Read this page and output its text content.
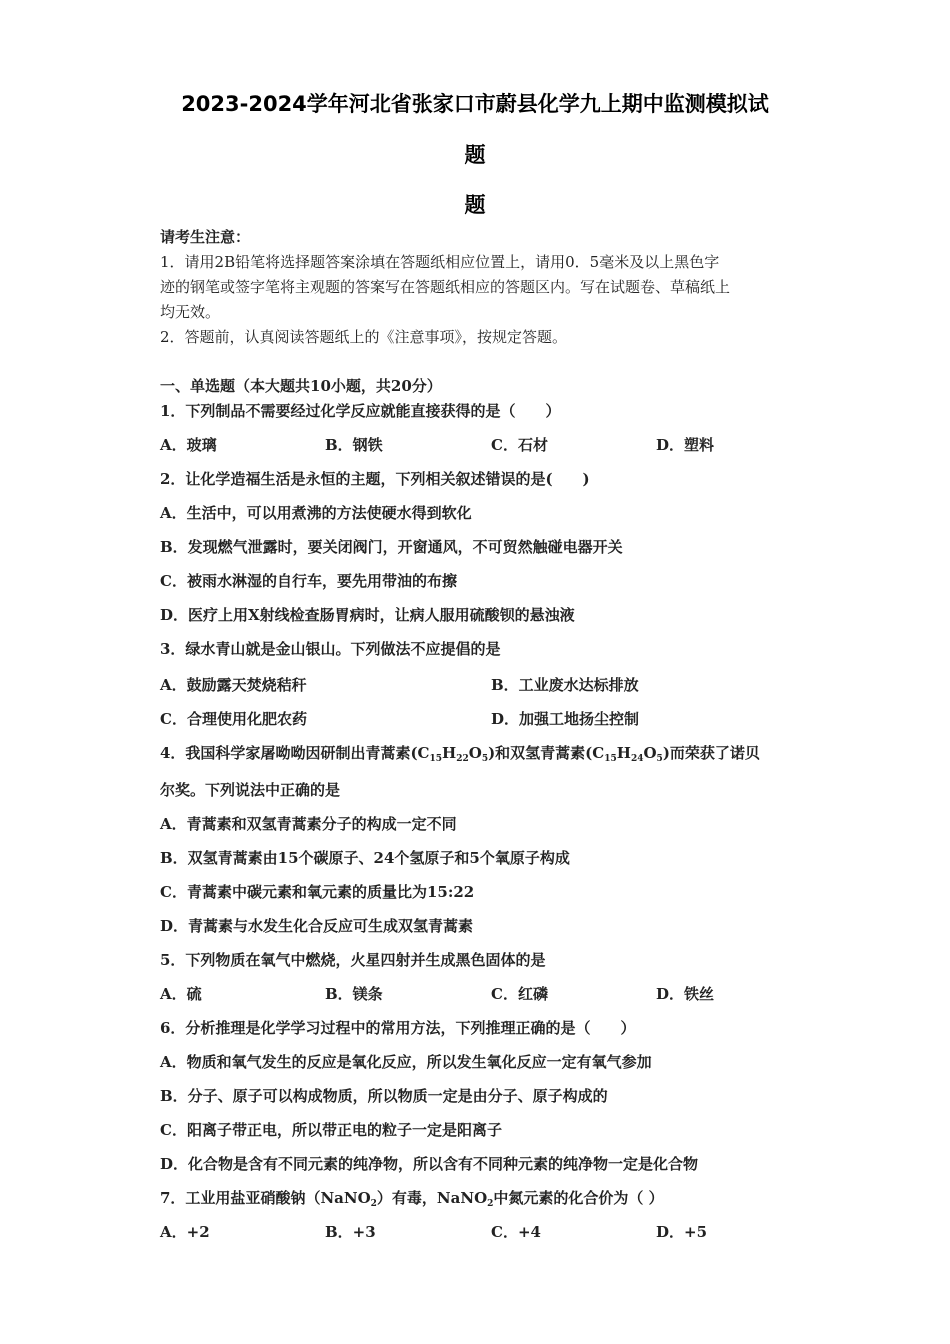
2023-2024学年河北省张家口市蔚县化学九上期中监测模拟试
题
题
请考生注意：
1．请用2B铅笔将选择题答案涂填在答题纸相应位置上，请用0．5毫米及以上黑色字
迹的钢笔或签字笔将主观题的答案写在答题纸相应的答题区内。写在试题卷、草稿纸上
均无效。
2．答题前，认真阅读答题纸上的《注意事项》，按规定答题。
一、单选题（本大题共10小题，共20分）
1．下列制品不需要经过化学反应就能直接获得的是（　　）
A．玻璃	B．钢铁	C．石材	D．塑料
2．让化学造福生活是永恒的主题，下列相关叙述错误的是(　　)
A．生活中，可以用煮沸的方法使硬水得到软化
B．发现燃气泄露时，要关闭阀门，开窗通风，不可贸然触碰电器开关
C．被雨水淋湿的自行车，要先用带油的布擦
D．医疗上用X射线检查肠胃病时，让病人服用硫酸钡的悬浊液
3．绿水青山就是金山银山。下列做法不应提倡的是
A．鼓励露天焚烧秸秆	B．工业废水达标排放
C．合理使用化肥农药	D．加强工地扬尘控制
4．我国科学家屠呦呦因研制出青蒿素$(C_{15}H_{22}O_5)$和双氢青蒿素$(C_{15}H_{24}O_5)$而荣获了诺贝
尔奖。下列说法中正确的是
A．青蒿素和双氢青蒿素分子的构成一定不同
B．双氢青蒿素由15个碳原子、24个氢原子和5个氧原子构成
C．青蒿素中碳元素和氧元素的质量比为15:22
D．青蒿素与水发生化合反应可生成双氢青蒿素
5．下列物质在氧气中燃烧，火星四射并生成黑色固体的是
A．硫	B．镁条	C．红磷	D．铁丝
6．分析推理是化学学习过程中的常用方法，下列推理正确的是（　　）
A．物质和氧气发生的反应是氧化反应，所以发生氧化反应一定有氧气参加
B．分子、原子可以构成物质，所以物质一定是由分子、原子构成的
C．阳离子带正电，所以带正电的粒子一定是阳离子
D．化合物是含有不同元素的纯净物，所以含有不同种元素的纯净物一定是化合物
7．工业用盐亚硝酸钠（NaNO$_2$）有毒，NaNO$_2$中氮元素的化合价为（ ）
A．+2	B．+3	C．+4	D．+5
